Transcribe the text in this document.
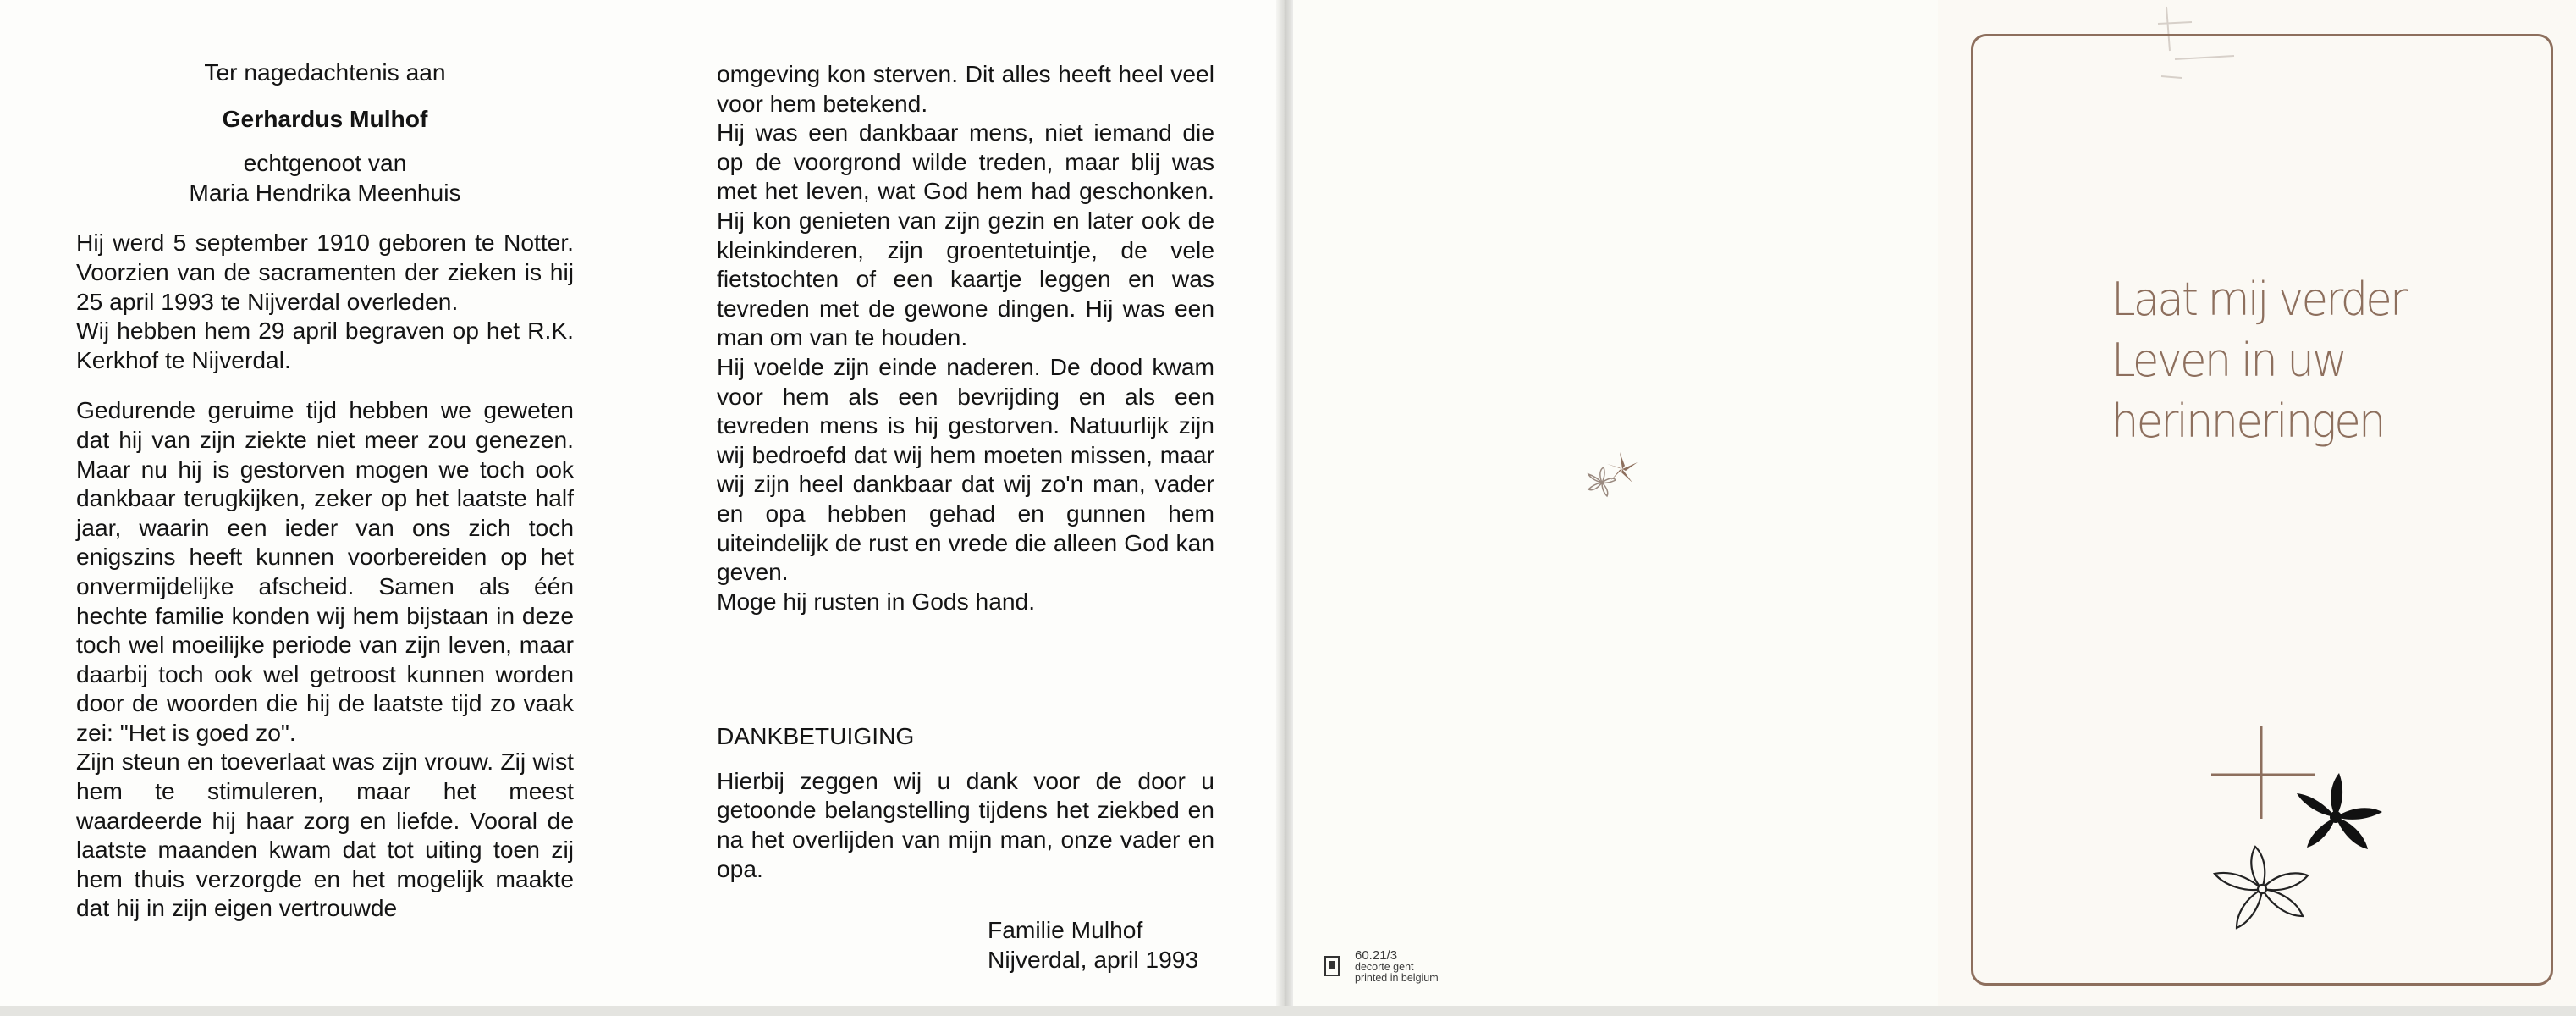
Ter nagedachtenis aan
Gerhardus Mulhof
echtgenoot van
Maria Hendrika Meenhuis

Hij werd 5 september 1910 geboren te Notter. Voorzien van de sacramenten der zieken is hij 25 april 1993 te Nijverdal overleden.

Wij hebben hem 29 april begraven op het R.K. Kerkhof te Nijverdal.

Gedurende geruime tijd hebben we geweten dat hij van zijn ziekte niet meer zou genezen. Maar nu hij is gestorven mogen we toch ook dankbaar terugkijken, zeker op het laatste half jaar, waarin een ieder van ons zich toch enigszins heeft kunnen voorbereiden op het onvermijdelijke afscheid. Samen als één hechte familie konden wij hem bijstaan in deze toch wel moeilijke periode van zijn leven, maar daarbij toch ook wel getroost kunnen worden door de woorden die hij de laatste tijd zo vaak zei: "Het is goed zo".

Zijn steun en toeverlaat was zijn vrouw. Zij wist hem te stimuleren, maar het meest waardeerde hij haar zorg en liefde. Vooral de laatste maanden kwam dat tot uiting toen zij hem thuis verzorgde en het mogelijk maakte dat hij in zijn eigen vertrouwde

omgeving kon sterven. Dit alles heeft heel veel voor hem betekend.

Hij was een dankbaar mens, niet iemand die op de voorgrond wilde treden, maar blij was met het leven, wat God hem had geschonken. Hij kon genieten van zijn gezin en later ook de kleinkinderen, zijn groentetuintje, de vele fietstochten of een kaartje leggen en was tevreden met de gewone dingen. Hij was een man om van te houden.

Hij voelde zijn einde naderen. De dood kwam voor hem als een bevrijding en als een tevreden mens is hij gestorven. Natuurlijk zijn wij bedroefd dat wij hem moeten missen, maar wij zijn heel dankbaar dat wij zo'n man, vader en opa hebben gehad en gunnen hem uiteindelijk de rust en vrede die alleen God kan geven.

Moge hij rusten in Gods hand.

DANKBETUIGING

Hierbij zeggen wij u dank voor de door u getoonde belangstelling tijdens het ziekbed en na het overlijden van mijn man, onze vader en opa.

Familie Mulhof
Nijverdal, april 1993	60.21/3
decorte gent
printed in belgium
Laat mij verder
Leven in uw
herinneringen
